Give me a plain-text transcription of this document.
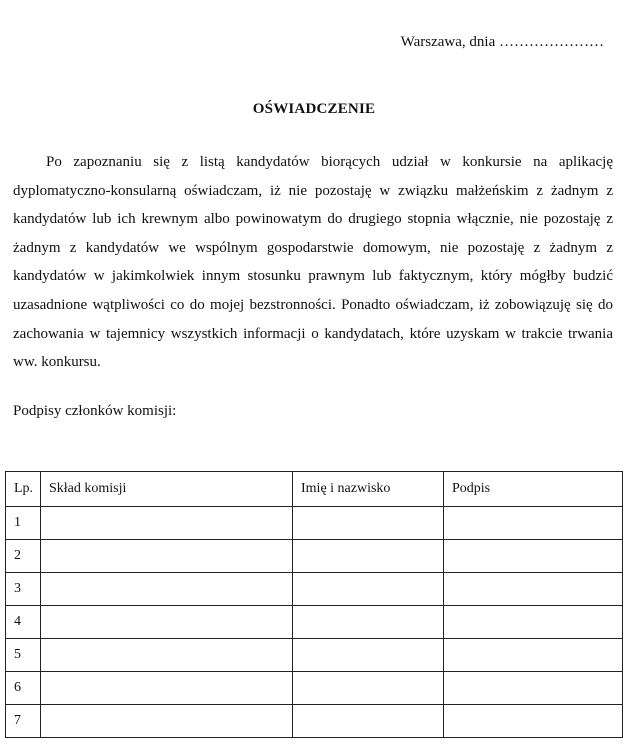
Warszawa, dnia …………………
OŚWIADCZENIE

Po zapoznaniu się z listą kandydatów biorących udział w konkursie na aplikację dyplomatyczno-konsularną oświadczam, iż nie pozostaję w związku małżeńskim z żadnym z kandydatów lub ich krewnym albo powinowatym do drugiego stopnia włącznie, nie pozostaję z żadnym z kandydatów we wspólnym gospodarstwie domowym, nie pozostaję z żadnym z kandydatów w jakimkolwiek innym stosunku prawnym lub faktycznym, który mógłby budzić uzasadnione wątpliwości co do mojej bezstronności. Ponadto oświadczam, iż zobowiązuję się do zachowania w tajemnicy wszystkich informacji o kandydatach, które uzyskam w trakcie trwania ww. konkursu.

Podpisy członków komisji:
Lp.	Skład komisji	Imię i nazwisko	Podpis
1			
2			
3			
4			
5			
6			
7			
